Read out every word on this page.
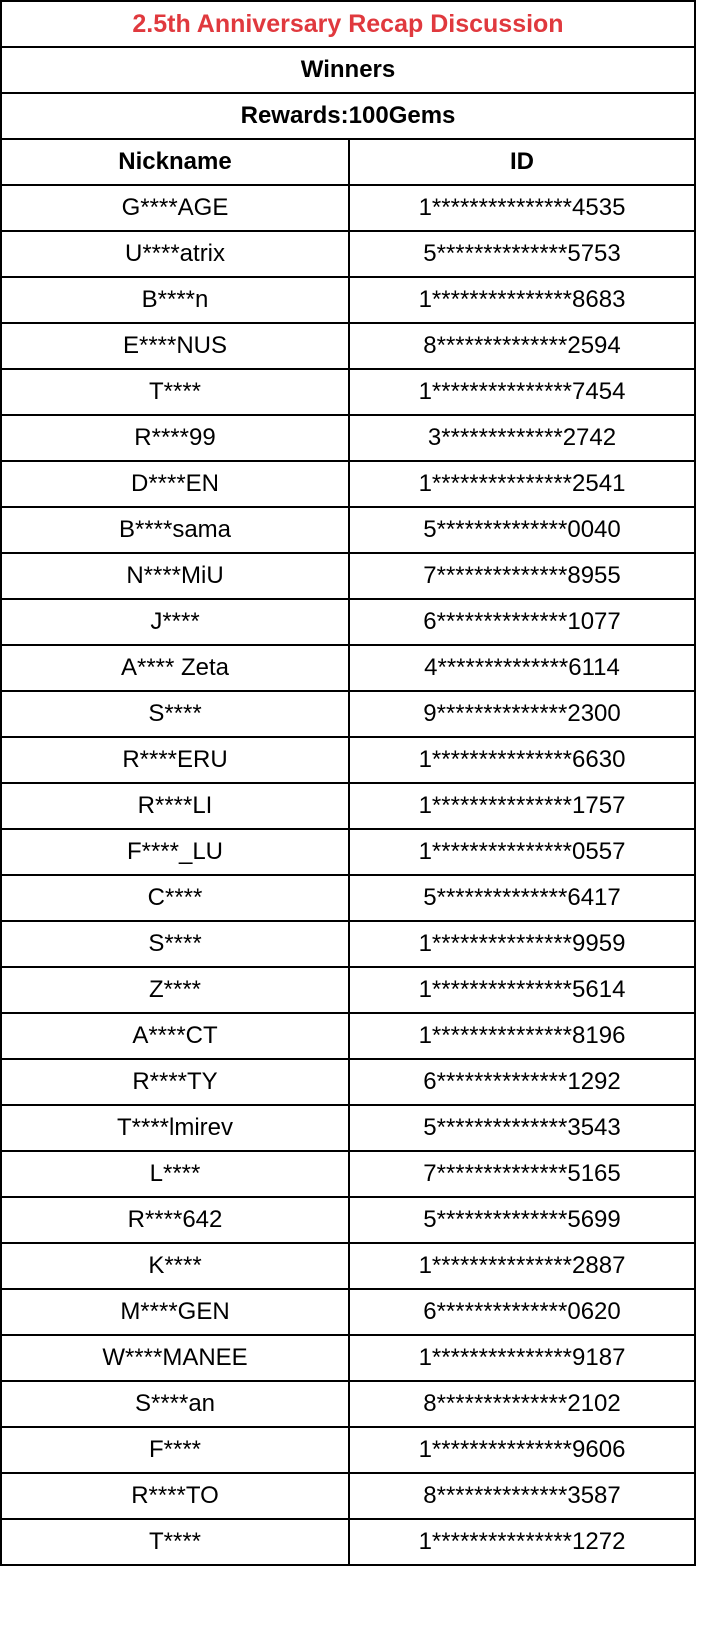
2.5th Anniversary Recap Discussion
Winners
Rewards:100Gems
Nickname	ID
G****AGE	1***************4535
U****atrix	5**************5753
B****n	1***************8683
E****NUS	8**************2594
T****	1***************7454
R****99	3*************2742
D****EN	1***************2541
B****sama	5**************0040
N****MiU	7**************8955
J****	6**************1077
A**** Zeta	4**************6114
S****	9**************2300
R****ERU	1***************6630
R****LI	1***************1757
F****_LU	1***************0557
C****	5**************6417
S****	1***************9959
Z****	1***************5614
A****CT	1***************8196
R****TY	6**************1292
T****lmirev	5**************3543
L****	7**************5165
R****642	5**************5699
K****	1***************2887
M****GEN	6**************0620
W****MANEE	1***************9187
S****an	8**************2102
F****	1***************9606
R****TO	8**************3587
T****	1***************1272
